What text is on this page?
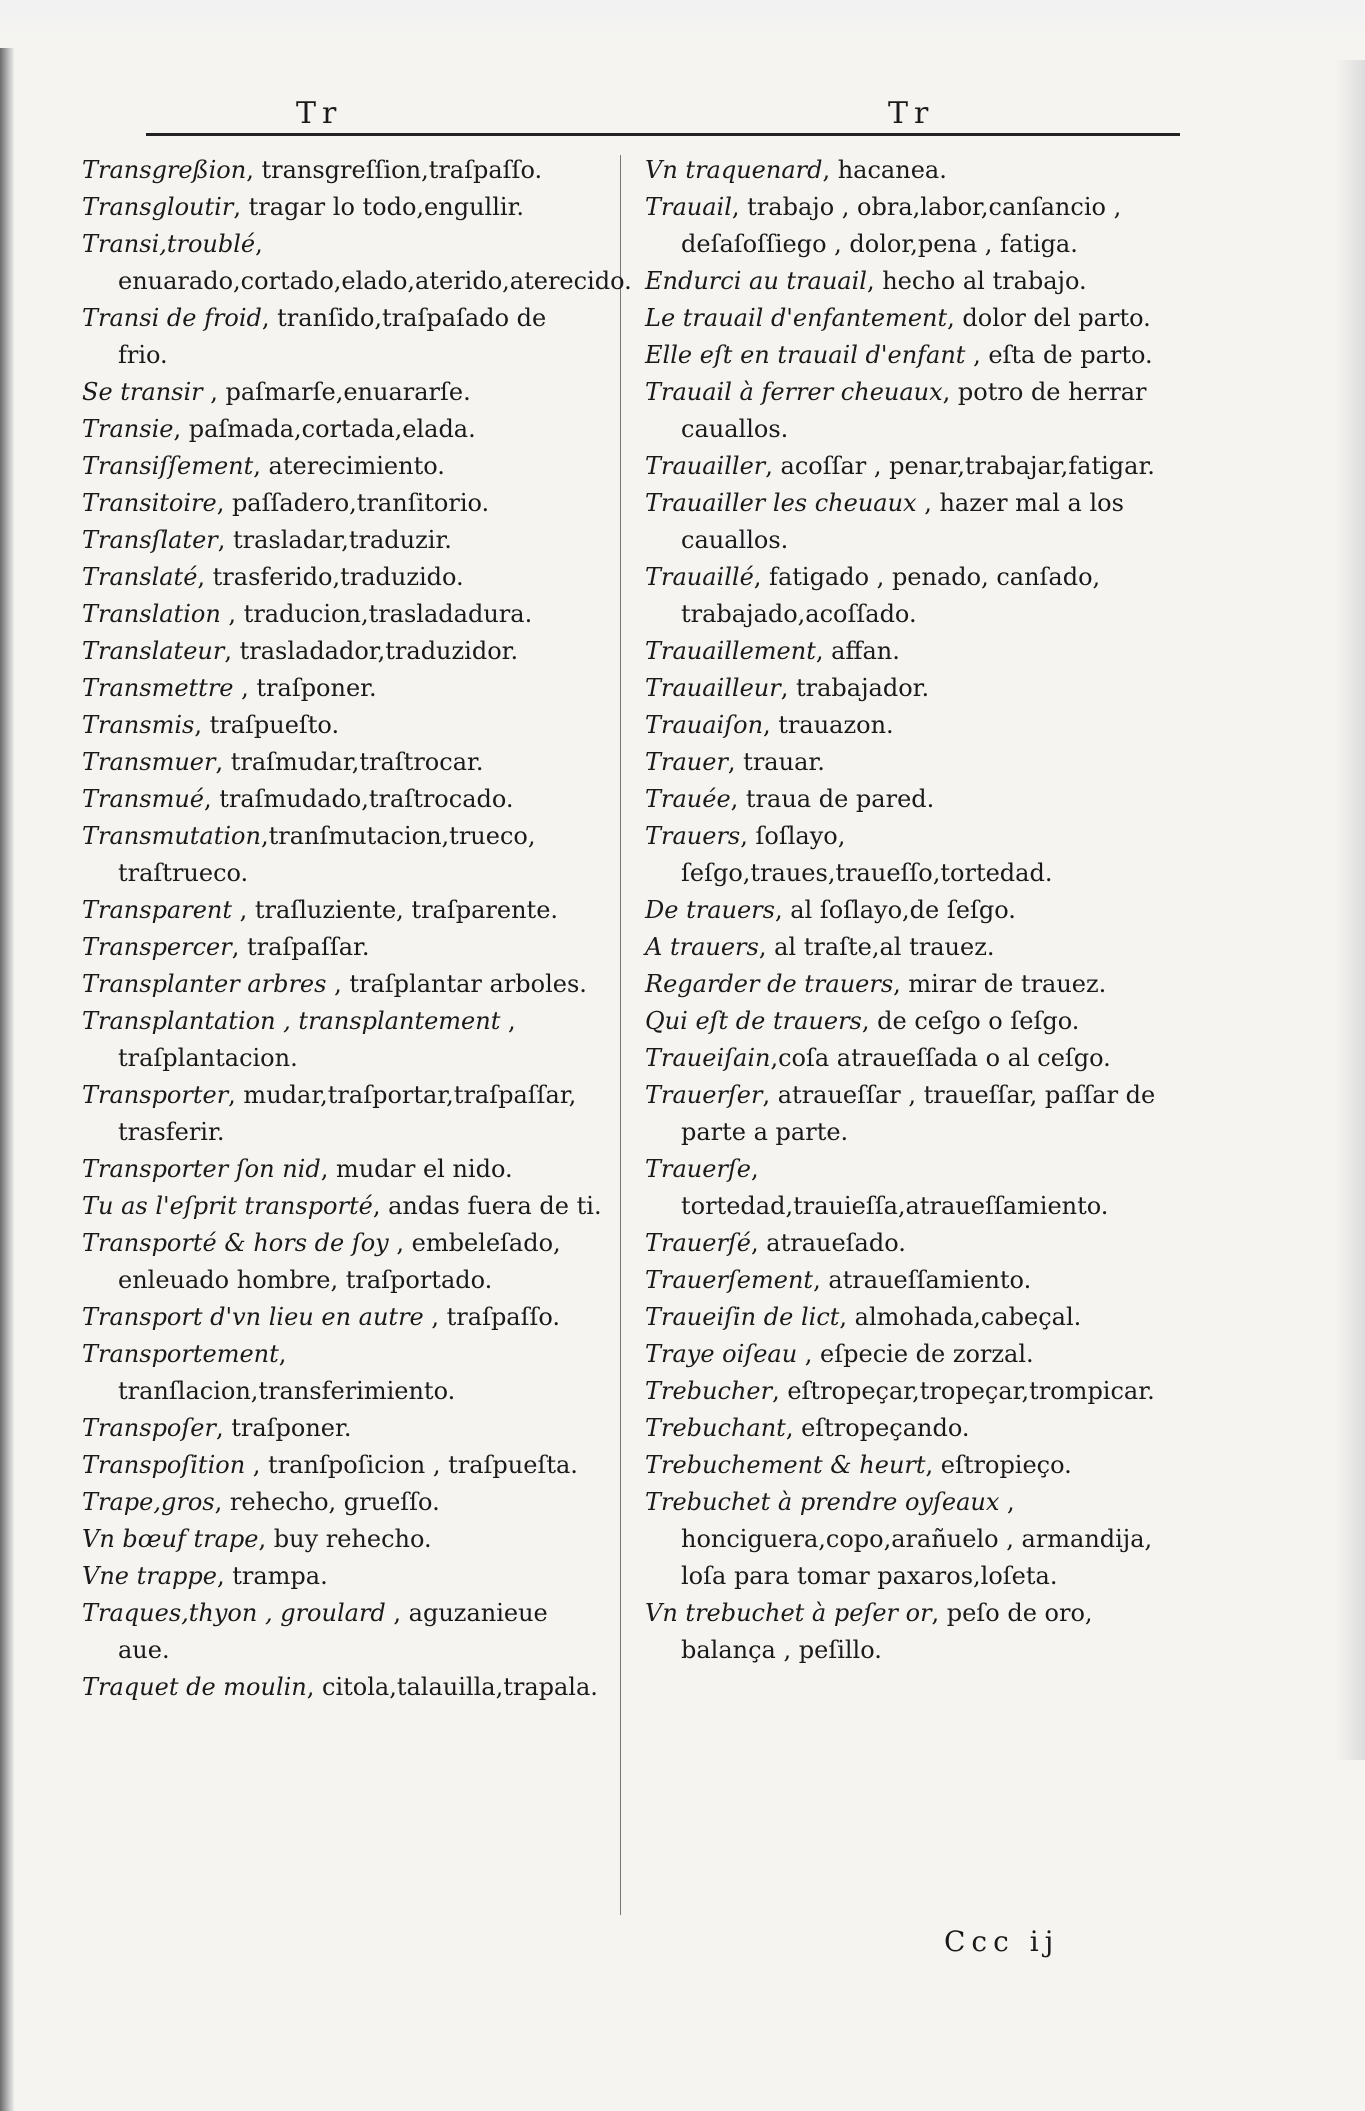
Tr	Tr
Transgreßion, transgreſſion,traſpaſſo.
Transgloutir, tragar lo todo,engullir.
Transi,troublé, enuarado,cortado,elado,aterido,aterecido.
Transi de froid, tranſido,traſpaſado de frio.
Se transir , paſmarſe,enuararſe.
Transie, paſmada,cortada,elada.
Transiſſement, aterecimiento.
Transitoire, paſſadero,tranſitorio.
Transſlater, trasladar,traduzir.
Translaté, trasferido,traduzido.
Translation , traducion,trasladadura.
Translateur, trasladador,traduzidor.
Transmettre , traſponer.
Transmis, traſpueſto.
Transmuer, traſmudar,traſtrocar.
Transmué, traſmudado,traſtrocado.
Transmutation,tranſmutacion,trueco, traſtrueco.
Transparent , traſluziente, traſparente.
Transpercer, traſpaſſar.
Transplanter arbres , traſplantar arboles.
Transplantation , transplantement , traſplantacion.
Transporter, mudar,traſportar,traſpaſſar, trasferir.
Transporter ſon nid, mudar el nido.
Tu as l'eſprit transporté, andas fuera de ti.
Transporté & hors de ſoy , embeleſado, enleuado hombre, traſportado.
Transport d'vn lieu en autre , traſpaſſo.
Transportement, tranſlacion,transferimiento.
Transpoſer, traſponer.
Transpoſition , tranſpoſicion , traſpueſta.
Trape,gros, rehecho, grueſſo.
Vn bœuf trape, buy rehecho.
Vne trappe, trampa.
Traques,thyon , groulard , aguzanieue aue.
Traquet de moulin, citola,talauilla,trapala.
Vn traquenard, hacanea.
Trauail, trabajo , obra,labor,canſancio , deſaſoſſiego , dolor,pena , fatiga.
Endurci au trauail, hecho al trabajo.
Le trauail d'enfantement, dolor del parto.
Elle eſt en trauail d'enfant , eſta de parto.
Trauail à ferrer cheuaux, potro de herrar cauallos.
Trauailler, acoſſar , penar,trabajar,fatigar.
Trauailler les cheuaux , hazer mal a los cauallos.
Trauaillé, fatigado , penado, canſado, trabajado,acoſſado.
Trauaillement, affan.
Trauailleur, trabajador.
Trauaiſon, trauazon.
Trauer, trauar.
Trauée, traua de pared.
Trauers, ſoſlayo, ſeſgo,traues,traueſſo,tortedad.
De trauers, al ſoſlayo,de ſeſgo.
A trauers, al traſte,al trauez.
Regarder de trauers, mirar de trauez.
Qui eſt de trauers, de ceſgo o ſeſgo.
Traueiſain,coſa atraueſſada o al ceſgo.
Trauerſer, atraueſſar , traueſſar, paſſar de parte a parte.
Trauerſe, tortedad,trauieſſa,atraueſſamiento.
Trauerſé, atraueſado.
Trauerſement, atraueſſamiento.
Traueiſin de lict, almohada,cabeçal.
Traye oiſeau , eſpecie de zorzal.
Trebucher, eſtropeçar,tropeçar,trompicar.
Trebuchant, eſtropeçando.
Trebuchement & heurt, eſtropieço.
Trebuchet à prendre oyſeaux , honciguera,copo,arañuelo , armandija, loſa para tomar paxaros,loſeta.
Vn trebuchet à peſer or, peſo de oro, balança , peſillo.
Ccc ij
